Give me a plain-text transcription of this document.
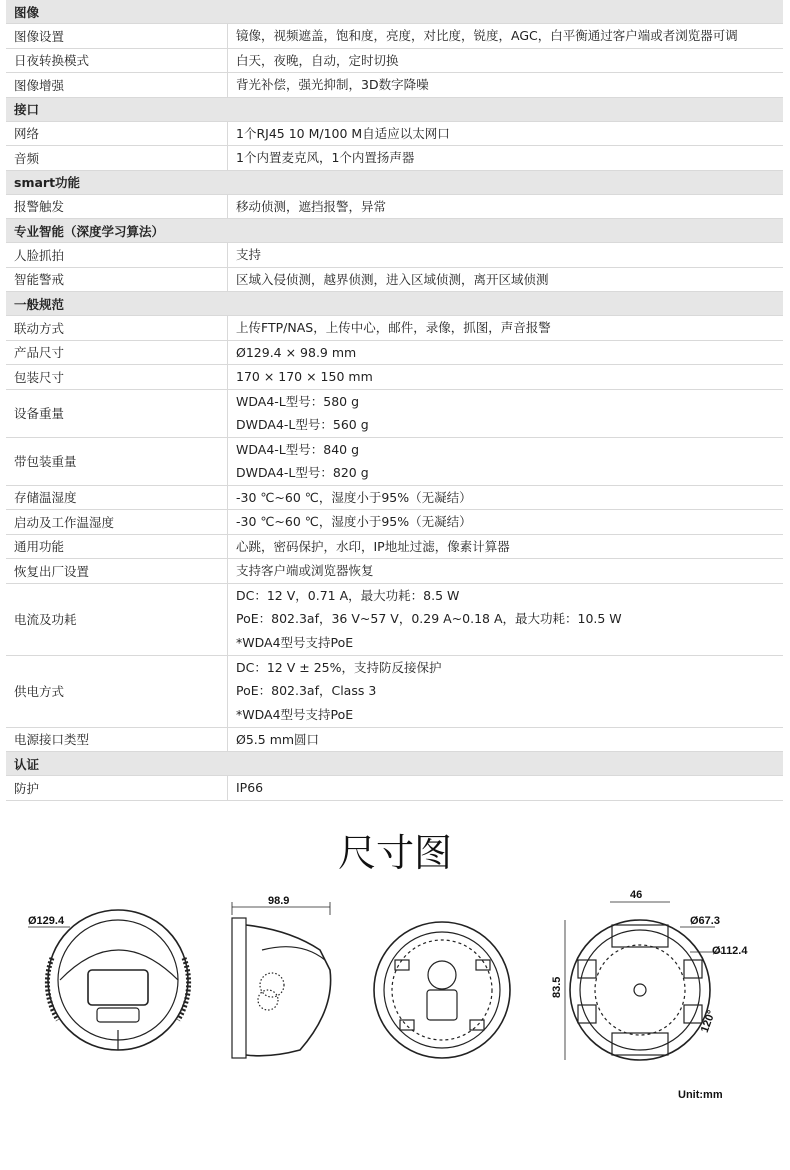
图像	
图像设置	镜像，视频遮盖，饱和度，亮度，对比度，锐度，AGC，白平衡通过客户端或者浏览器可调

日夜转换模式	白天，夜晚，自动，定时切换

图像增强	背光补偿，强光抑制，3D数字降噪

接口	
网络	1个RJ45 10 M/100 M自适应以太网口

音频	1个内置麦克风，1个内置扬声器

smart功能	
报警触发	移动侦测，遮挡报警，异常

专业智能（深度学习算法）	
人脸抓拍	支持

智能警戒	区域入侵侦测，越界侦测，进入区域侦测，离开区域侦测

一般规范	
联动方式	上传FTP/NAS，上传中心，邮件，录像，抓图，声音报警

产品尺寸	Ø129.4 × 98.9 mm

包装尺寸	170 × 170 × 150 mm

设备重量	WDA4-L型号：580 g
DWDA4-L型号：560 g

带包装重量	WDA4-L型号：840 g
DWDA4-L型号：820 g

存储温湿度	-30 ℃~60 ℃，湿度小于95%（无凝结）

启动及工作温湿度	-30 ℃~60 ℃，湿度小于95%（无凝结）

通用功能	心跳，密码保护，水印，IP地址过滤，像素计算器

恢复出厂设置	支持客户端或浏览器恢复

电流及功耗	DC：12 V，0.71 A，最大功耗：8.5 W
PoE：802.3af，36 V~57 V，0.29 A~0.18 A，最大功耗：10.5 W
*WDA4型号支持PoE

供电方式	DC：12 V ± 25%，支持防反接保护
PoE：802.3af，Class 3
*WDA4型号支持PoE

电源接口类型	Ø5.5 mm圆口

认证	
防护	IP66
尺寸图
Ø129.4
98.9	46
Ø67.3
Ø112.4
83.5
120°
Unit:mm
